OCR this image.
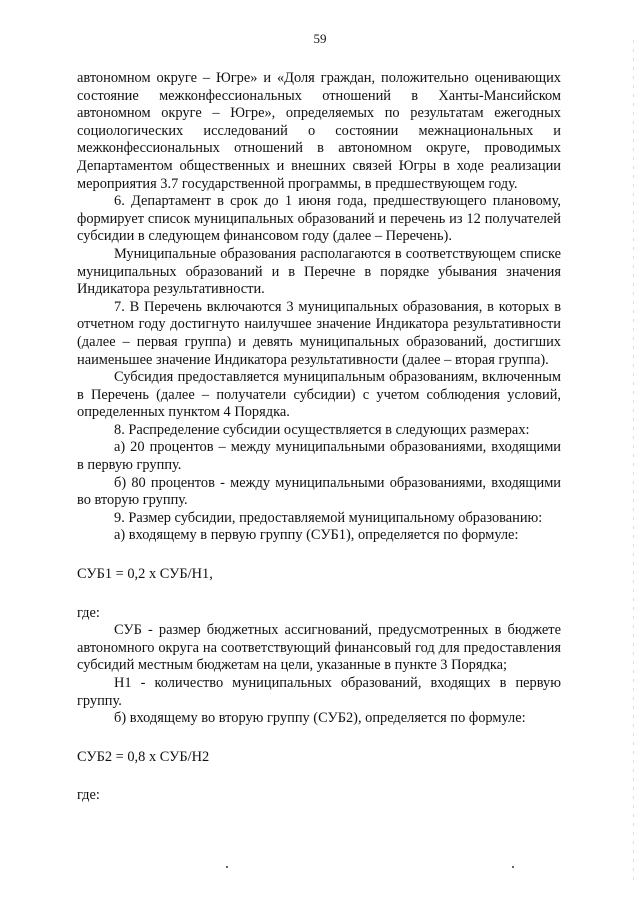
59

автономном округе – Югре» и «Доля граждан, положительно оценивающих состояние межконфессиональных отношений в Ханты-Мансийском автономном округе – Югре», определяемых по результатам ежегодных социологических исследований о состоянии межнациональных и межконфессиональных отношений в автономном округе, проводимых Департаментом общественных и внешних связей Югры в ходе реализации мероприятия 3.7 государственной программы, в предшествующем году.

6. Департамент в срок до 1 июня года, предшествующего плановому, формирует список муниципальных образований и перечень из 12 получателей субсидии в следующем финансовом году (далее – Перечень).

Муниципальные образования располагаются в соответствующем списке муниципальных образований и в Перечне в порядке убывания значения Индикатора результативности.

7. В Перечень включаются 3 муниципальных образования, в которых в отчетном году достигнуто наилучшее значение Индикатора результативности (далее – первая группа) и девять муниципальных образований, достигших наименьшее значение Индикатора результативности (далее – вторая группа).

Субсидия предоставляется муниципальным образованиям, включенным в Перечень (далее – получатели субсидии) с учетом соблюдения условий, определенных пунктом 4 Порядка.

8. Распределение субсидии осуществляется в следующих размерах:

а) 20 процентов – между муниципальными образованиями, входящими в первую группу.

б) 80 процентов - между муниципальными образованиями, входящими во вторую группу.

9. Размер субсидии, предоставляемой муниципальному образованию:

а) входящему в первую группу (СУБ1), определяется по формуле:

СУБ1 = 0,2 х СУБ/Н1,

где:

СУБ - размер бюджетных ассигнований, предусмотренных в бюджете автономного округа на соответствующий финансовый год для предоставления субсидий местным бюджетам на цели, указанные в пункте 3 Порядка;

Н1 - количество муниципальных образований, входящих в первую группу.

б) входящему во вторую группу (СУБ2), определяется по формуле:

СУБ2 = 0,8 х СУБ/Н2

где:
